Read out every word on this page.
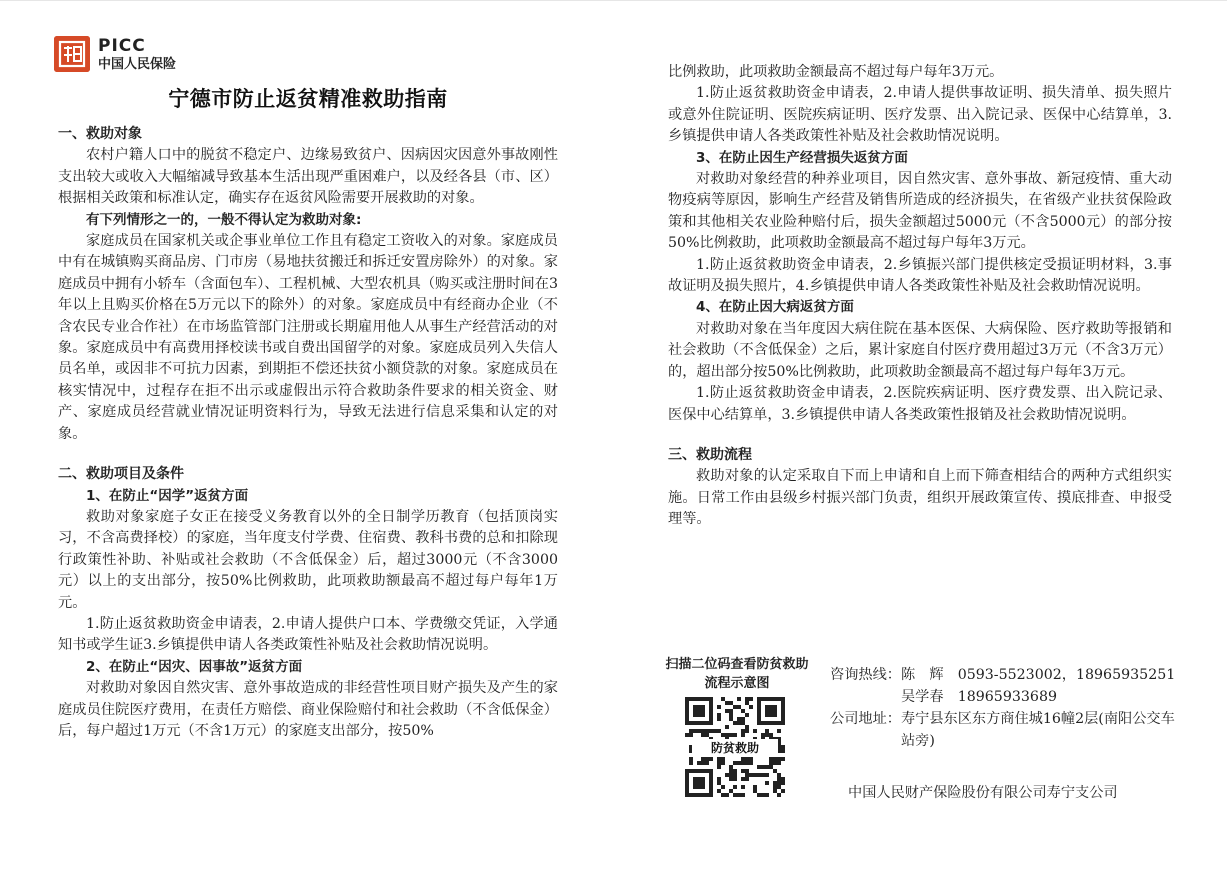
PICC
中国人民保险
宁德市防止返贫精准救助指南
一、救助对象
农村户籍人口中的脱贫不稳定户、边缘易致贫户、因病因灾因意外事故刚性支出较大或收入大幅缩减导致基本生活出现严重困难户，以及经各县（市、区）根据相关政策和标准认定，确实存在返贫风险需要开展救助的对象。
有下列情形之一的，一般不得认定为救助对象:
家庭成员在国家机关或企事业单位工作且有稳定工资收入的对象。家庭成员中有在城镇购买商品房、门市房（易地扶贫搬迁和拆迁安置房除外）的对象。家庭成员中拥有小轿车（含面包车）、工程机械、大型农机具（购买或注册时间在3年以上且购买价格在5万元以下的除外）的对象。家庭成员中有经商办企业（不含农民专业合作社）在市场监管部门注册或长期雇用他人从事生产经营活动的对象。家庭成员中有高费用择校读书或自费出国留学的对象。家庭成员列入失信人员名单，或因非不可抗力因素，到期拒不偿还扶贫小额贷款的对象。家庭成员在核实情况中，过程存在拒不出示或虚假出示符合救助条件要求的相关资金、财产、家庭成员经营就业情况证明资料行为，导致无法进行信息采集和认定的对象。
二、救助项目及条件
1、在防止“因学”返贫方面
救助对象家庭子女正在接受义务教育以外的全日制学历教育（包括顶岗实习，不含高费择校）的家庭，当年度支付学费、住宿费、教科书费的总和扣除现行政策性补助、补贴或社会救助（不含低保金）后，超过3000元（不含3000元）以上的支出部分，按50%比例救助，此项救助额最高不超过每户每年1万元。
1.防止返贫救助资金申请表，2.申请人提供户口本、学费缴交凭证，入学通知书或学生证3.乡镇提供申请人各类政策性补贴及社会救助情况说明。
2、在防止“因灾、因事故”返贫方面
对救助对象因自然灾害、意外事故造成的非经营性项目财产损失及产生的家庭成员住院医疗费用，在责任方赔偿、商业保险赔付和社会救助（不含低保金）后，每户超过1万元（不含1万元）的家庭支出部分，按50%
比例救助，此项救助金额最高不超过每户每年3万元。
1.防止返贫救助资金申请表，2.申请人提供事故证明、损失清单、损失照片或意外住院证明、医院疾病证明、医疗发票、出入院记录、医保中心结算单，3.乡镇提供申请人各类政策性补贴及社会救助情况说明。
3、在防止因生产经营损失返贫方面
对救助对象经营的种养业项目，因自然灾害、意外事故、新冠疫情、重大动物疫病等原因，影响生产经营及销售所造成的经济损失，在省级产业扶贫保险政策和其他相关农业险种赔付后，损失金额超过5000元（不含5000元）的部分按50%比例救助，此项救助金额最高不超过每户每年3万元。
1.防止返贫救助资金申请表，2.乡镇振兴部门提供核定受损证明材料，3.事故证明及损失照片，4.乡镇提供申请人各类政策性补贴及社会救助情况说明。
4、在防止因大病返贫方面
对救助对象在当年度因大病住院在基本医保、大病保险、医疗救助等报销和社会救助（不含低保金）之后，累计家庭自付医疗费用超过3万元（不含3万元）的，超出部分按50%比例救助，此项救助金额最高不超过每户每年3万元。
1.防止返贫救助资金申请表，2.医院疾病证明、医疗费发票、出入院记录、医保中心结算单，3.乡镇提供申请人各类政策性报销及社会救助情况说明。
三、救助流程
救助对象的认定采取自下而上申请和自上而下筛查相结合的两种方式组织实施。日常工作由县级乡村振兴部门负责，组织开展政策宣传、摸底排查、申报受理等。
扫描二位码查看防贫救助流程示意图
防贫救助
咨询热线： 陈　辉　0593-5523002，18965935251
吴学春　18965933689
公司地址： 寿宁县东区东方商住城16幢2层(南阳公交车站旁)
中国人民财产保险股份有限公司寿宁支公司
